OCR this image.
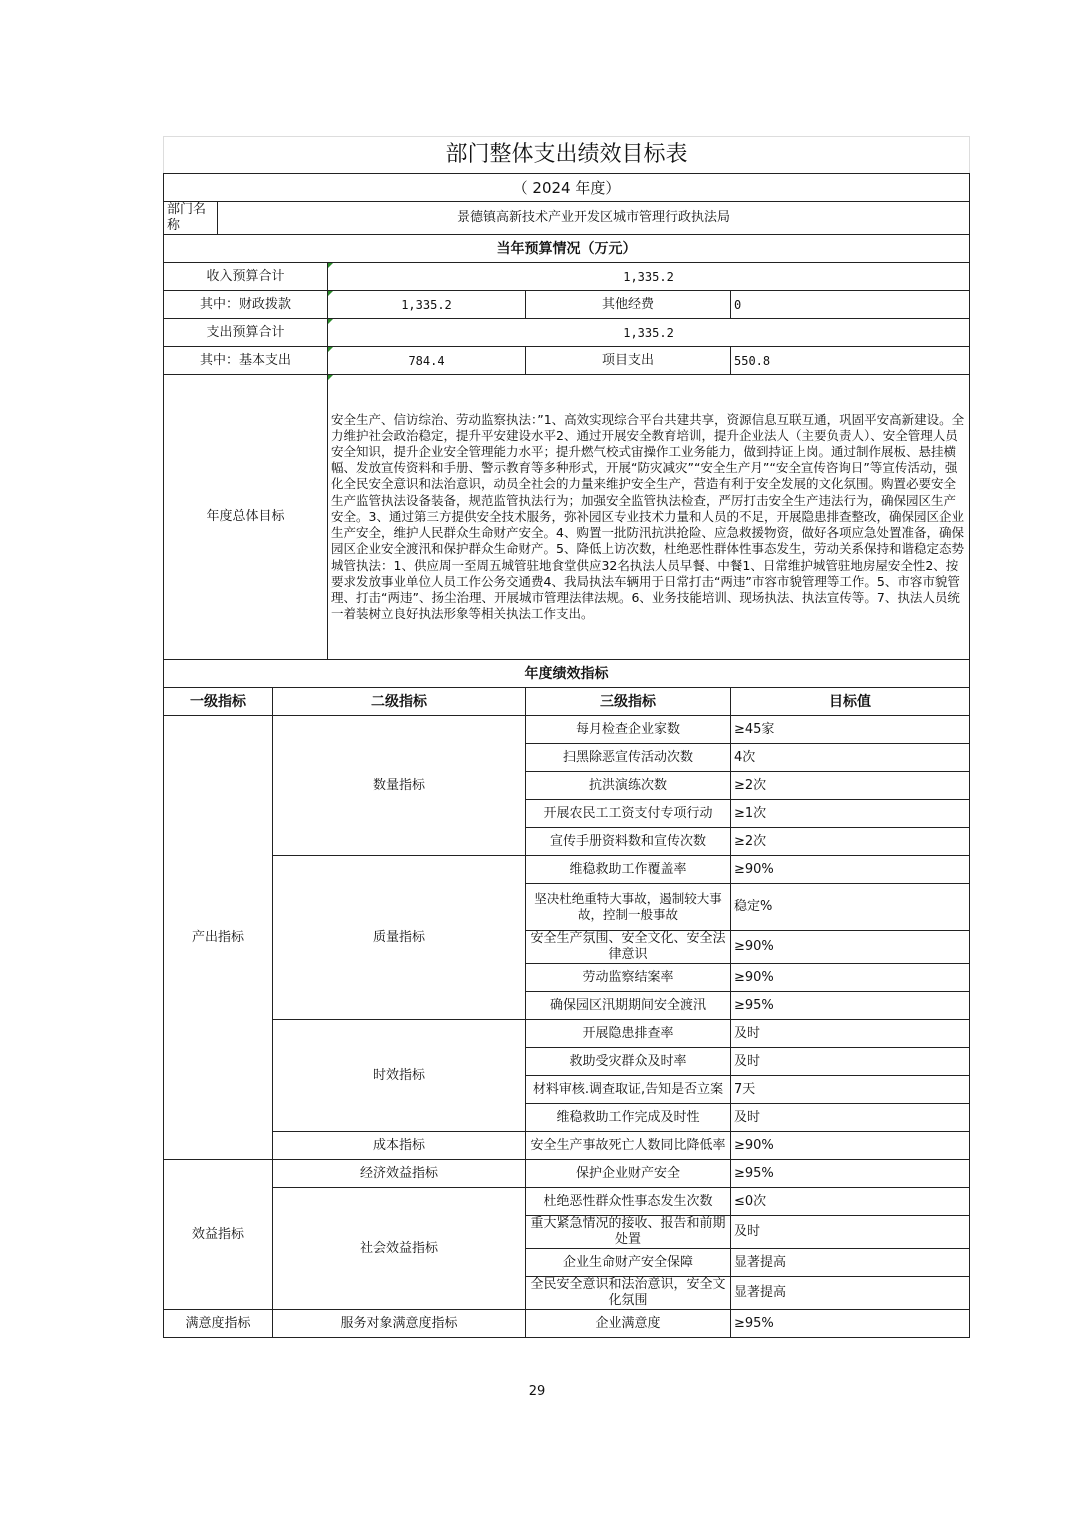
部门整体支出绩效目标表					
（ 2024 年度）					
部门名称	景德镇高新技术产业开发区城市管理行政执法局				
当年预算情况（万元）					
收入预算合计			1,335.2		
其中：财政拨款			1,335.2	其他经费	0
支出预算合计			1,335.2		
其中：基本支出			784.4	项目支出	550.8
年度总体目标			安全生产、信访综治、劳动监察执法：”1、高效实现综合平台共建共享，资源信息互联互通，巩固平安高新建设。全力维护社会政治稳定，提升平安建设水平2、通过开展安全教育培训，提升企业法人（主要负责人）、安全管理人员安全知识，提升企业安全管理能力水平；提升燃气校式宙操作工业务能力，做到持证上岗。通过制作展板、悬挂横幅、发放宣传资料和手册、警示教育等多种形式，开展“防灾减灾”“安全生产月”“安全宣传咨询日”等宣传活动，强化全民安全意识和法治意识，动员全社会的力量来维护安全生产，营造有利于安全发展的文化氛围。购置必要安全生产监管执法设备装备，规范监管执法行为；加强安全监管执法检查，严厉打击安全生产违法行为，确保园区生产安全。3、通过第三方提供安全技术服务，弥补园区专业技术力量和人员的不足，开展隐患排查整改，确保园区企业生产安全，维护人民群众生命财产安全。4、购置一批防汛抗洪抢险、应急救援物资，做好各项应急处置准备，确保园区企业安全渡汛和保护群众生命财产。5、降低上访次数，杜绝恶性群体性事态发生，劳动关系保持和谐稳定态势城管执法：1、供应周一至周五城管驻地食堂供应32名执法人员早餐、中餐1、日常维护城管驻地房屋安全性2、按要求发放事业单位人员工作公务交通费4、我局执法车辆用于日常打击“两违”市容市貌管理等工作。5、市容市貌管理、打击“两违”、扬尘治理、开展城市管理法律法规。6、业务技能培训、现场执法、执法宣传等。7、执法人员统一着装树立良好执法形象等相关执法工作支出。		
年度绩效指标					
一级指标		二级指标		三级指标	目标值
产出指标		数量指标		每月检查企业家数	≥45家
				扫黑除恶宣传活动次数	4次
				抗洪演练次数	≥2次
				开展农民工工资支付专项行动	≥1次
				宣传手册资料数和宣传次数	≥2次
		质量指标		维稳救助工作覆盖率	≥90%
				坚决杜绝重特大事故，遏制较大事故，控制一般事故	稳定%
				安全生产氛围、安全文化、安全法律意识	≥90%
				劳动监察结案率	≥90%
				确保园区汛期期间安全渡汛	≥95%
		时效指标		开展隐患排查率	及时
				救助受灾群众及时率	及时
				材料审核.调查取证,告知是否立案	7天
				维稳救助工作完成及时性	及时
		成本指标		安全生产事故死亡人数同比降低率	≥90%
效益指标		经济效益指标		保护企业财产安全	≥95%
		社会效益指标		杜绝恶性群众性事态发生次数	≤0次
				重大紧急情况的接收、报告和前期处置	及时
				企业生命财产安全保障	显著提高
				全民安全意识和法治意识，安全文化氛围	显著提高
满意度指标		服务对象满意度指标		企业满意度	≥95%
29
